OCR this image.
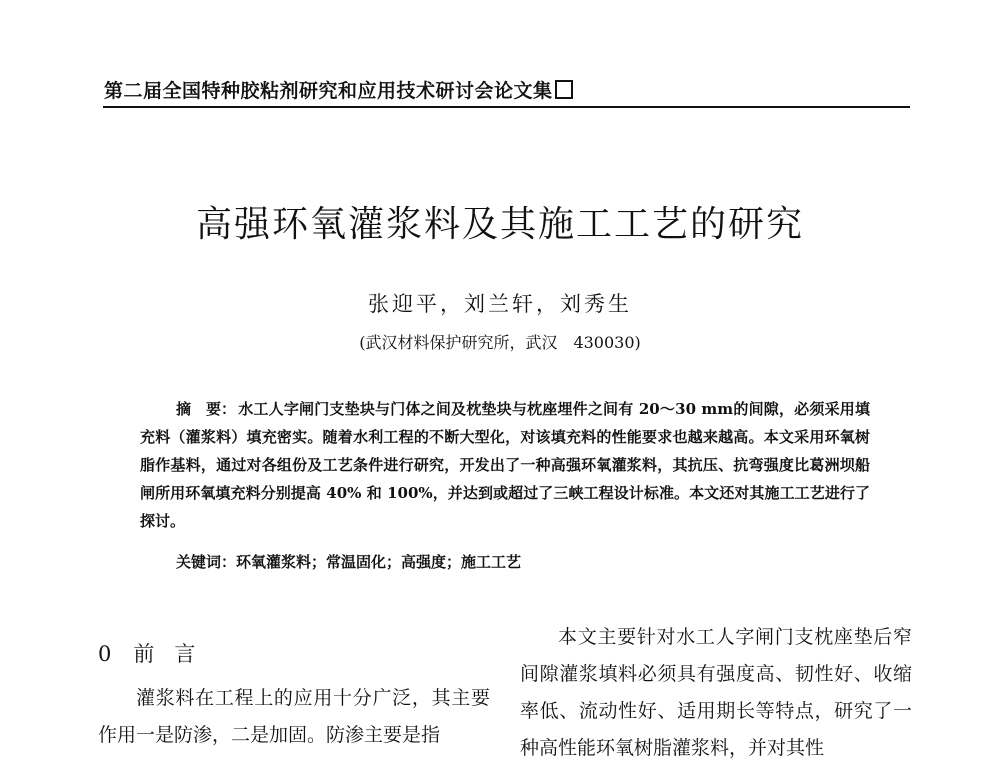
第二届全国特种胶粘剂研究和应用技术研讨会论文集
高强环氧灌浆料及其施工工艺的研究
张迎平，刘兰轩，刘秀生
(武汉材料保护研究所，武汉　430030)
摘　要： 水工人字闸门支垫块与门体之间及枕垫块与枕座埋件之间有 20～30 mm的间隙，必须采用填充料（灌浆料）填充密实。随着水利工程的不断大型化，对该填充料的性能要求也越来越高。本文采用环氧树脂作基料，通过对各组份及工艺条件进行研究，开发出了一种高强环氧灌浆料，其抗压、抗弯强度比葛洲坝船闸所用环氧填充料分别提高 40% 和 100%，并达到或超过了三峡工程设计标准。本文还对其施工工艺进行了探讨。
关键词：环氧灌浆料；常温固化；高强度；施工工艺
0 前 言
灌浆料在工程上的应用十分广泛，其主要作用一是防渗，二是加固。防渗主要是指
本文主要针对水工人字闸门支枕座垫后窄间隙灌浆填料必须具有强度高、韧性好、收缩率低、流动性好、适用期长等特点，研究了一种高性能环氧树脂灌浆料，并对其性
